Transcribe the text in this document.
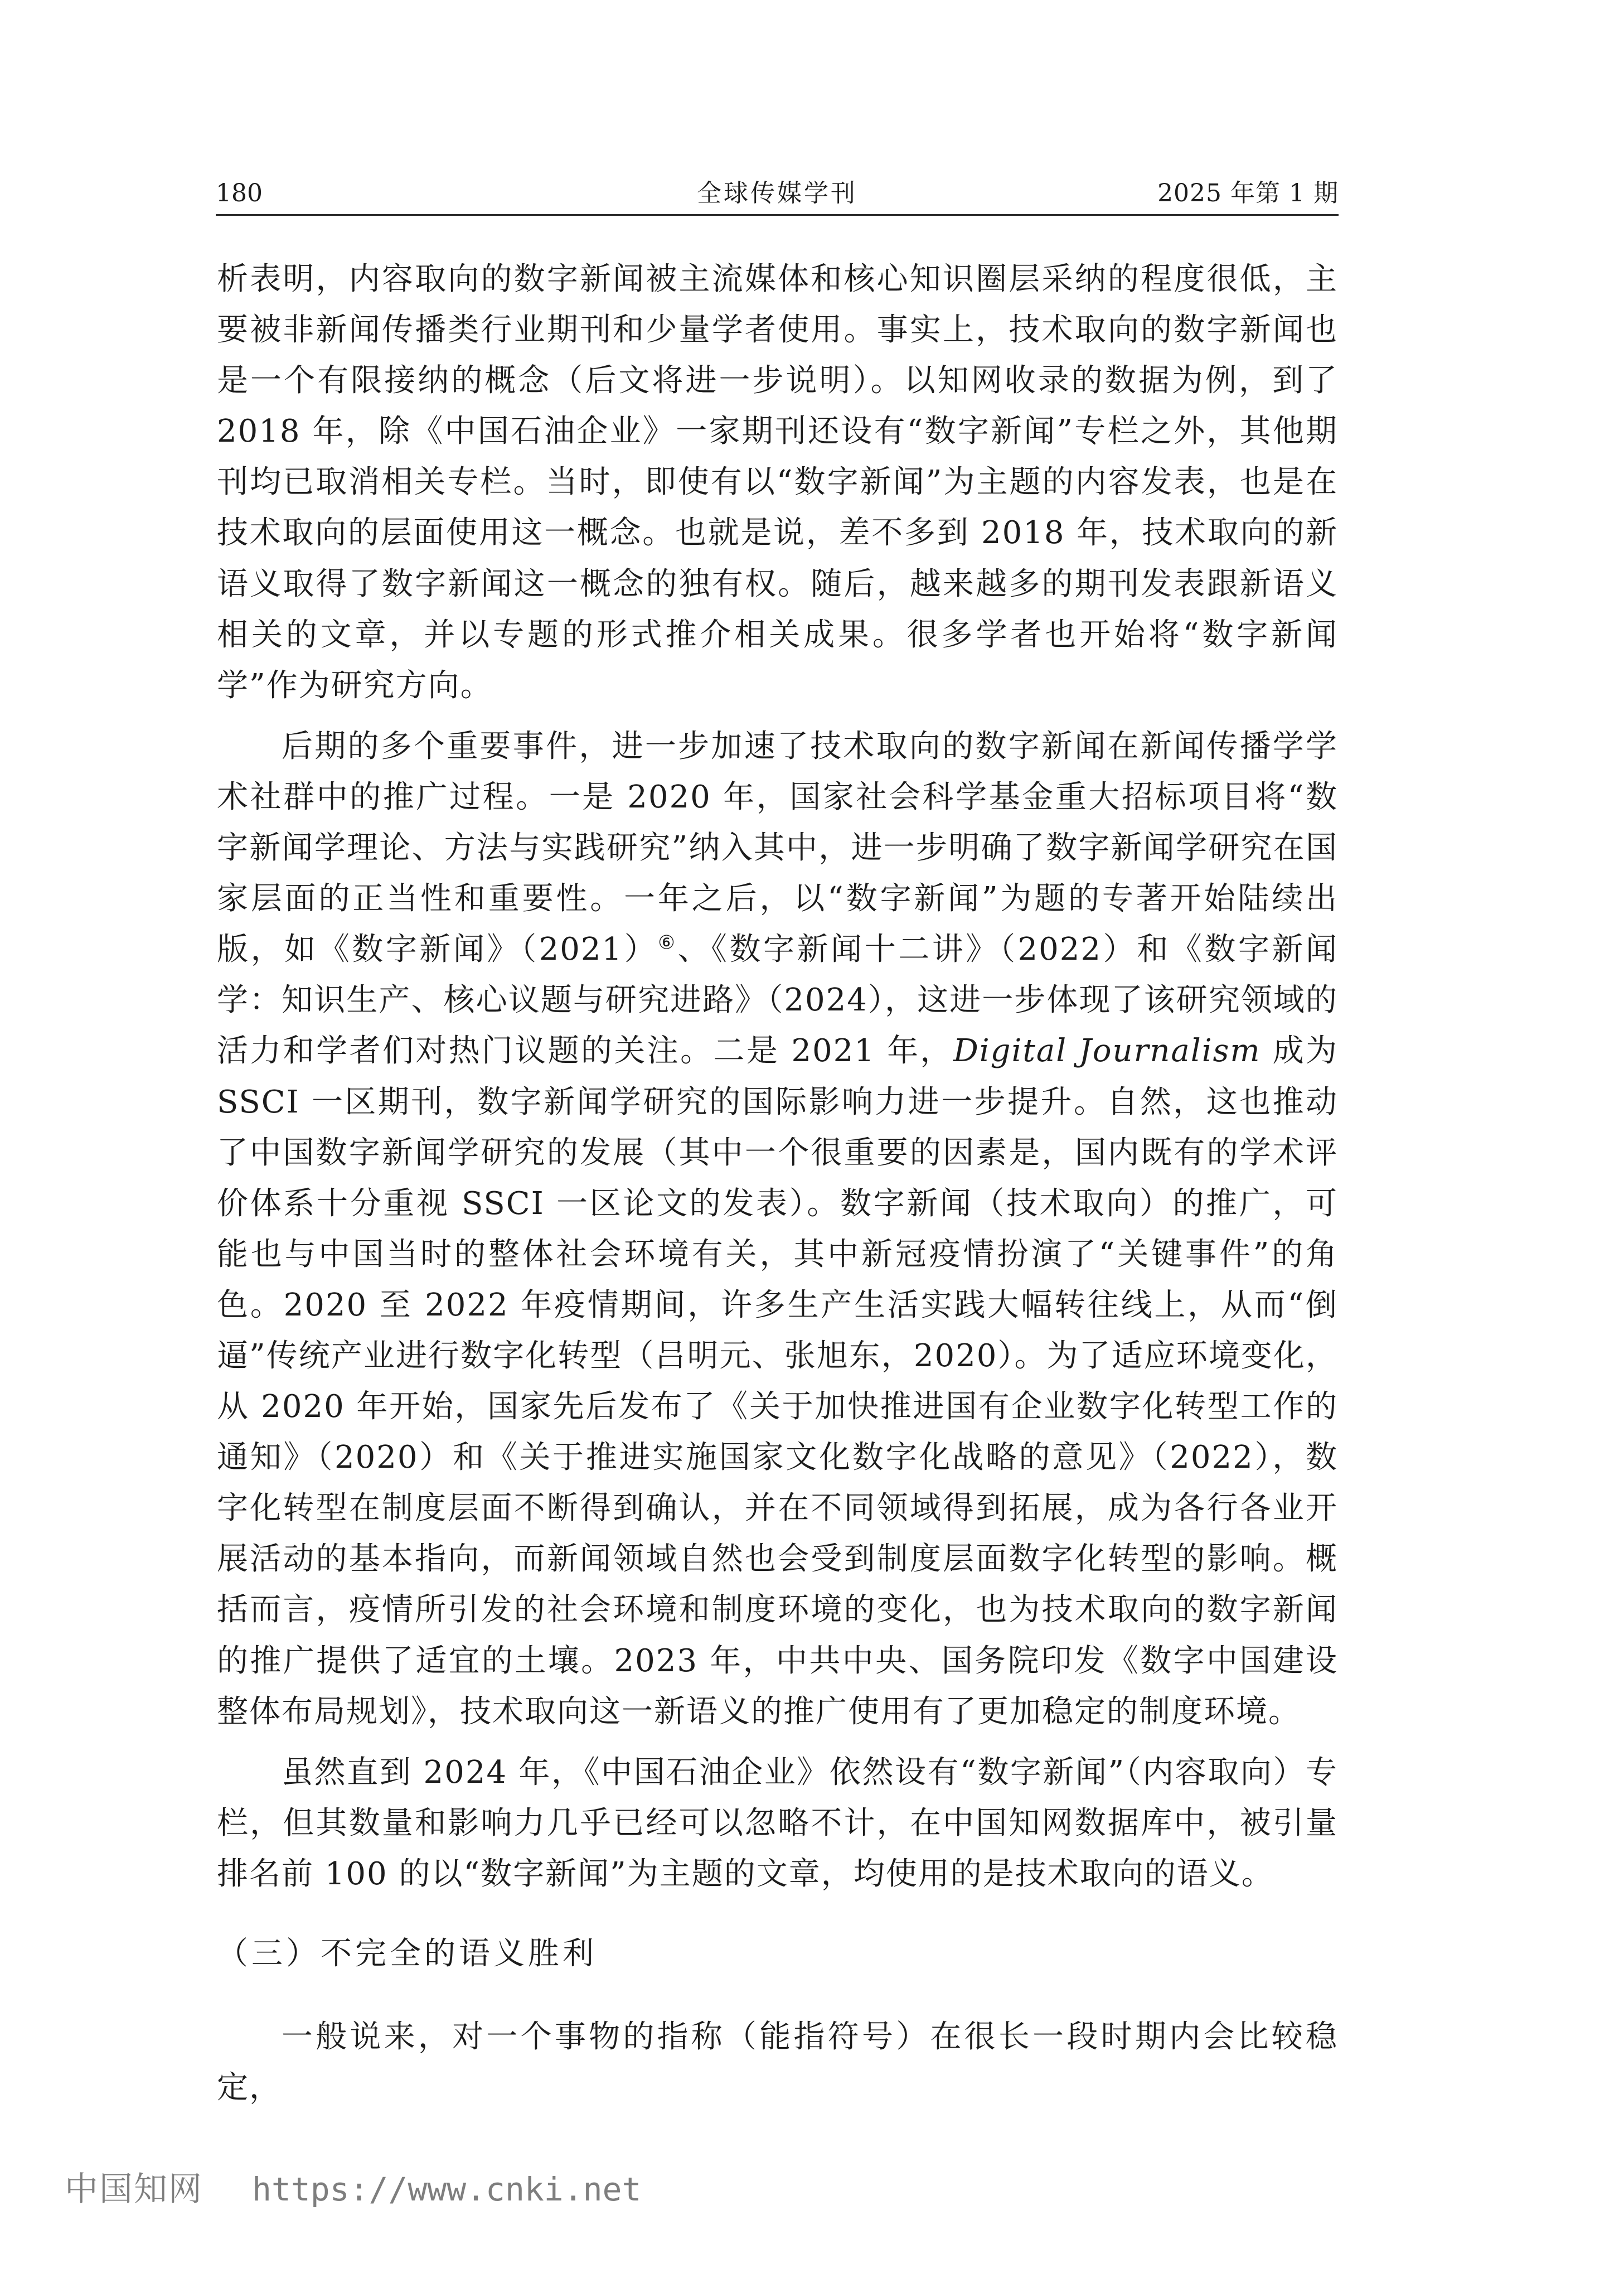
180	全球传媒学刊	2025 年第 1 期

析表明，内容取向的数字新闻被主流媒体和核心知识圈层采纳的程度很低，主要被非新闻传播类行业期刊和少量学者使用。事实上，技术取向的数字新闻也是一个有限接纳的概念（后文将进一步说明）。以知网收录的数据为例，到了 2018 年，除《中国石油企业》一家期刊还设有“数字新闻”专栏之外，其他期刊均已取消相关专栏。当时，即使有以“数字新闻”为主题的内容发表，也是在技术取向的层面使用这一概念。也就是说，差不多到 2018 年，技术取向的新语义取得了数字新闻这一概念的独有权。随后，越来越多的期刊发表跟新语义相关的文章，并以专题的形式推介相关成果。很多学者也开始将“数字新闻学”作为研究方向。

后期的多个重要事件，进一步加速了技术取向的数字新闻在新闻传播学学术社群中的推广过程。一是 2020 年，国家社会科学基金重大招标项目将“数字新闻学理论、方法与实践研究”纳入其中，进一步明确了数字新闻学研究在国家层面的正当性和重要性。一年之后，以“数字新闻”为题的专著开始陆续出版，如《数字新闻》（2021）⑥、《数字新闻十二讲》（2022）和《数字新闻学：知识生产、核心议题与研究进路》（2024），这进一步体现了该研究领域的活力和学者们对热门议题的关注。二是 2021 年，Digital Journalism 成为 SSCI 一区期刊，数字新闻学研究的国际影响力进一步提升。自然，这也推动了中国数字新闻学研究的发展（其中一个很重要的因素是，国内既有的学术评价体系十分重视 SSCI 一区论文的发表）。数字新闻（技术取向）的推广，可能也与中国当时的整体社会环境有关，其中新冠疫情扮演了“关键事件”的角色。2020 至 2022 年疫情期间，许多生产生活实践大幅转往线上，从而“倒逼”传统产业进行数字化转型（吕明元、张旭东，2020）。为了适应环境变化，从 2020 年开始，国家先后发布了《关于加快推进国有企业数字化转型工作的通知》（2020）和《关于推进实施国家文化数字化战略的意见》（2022），数字化转型在制度层面不断得到确认，并在不同领域得到拓展，成为各行各业开展活动的基本指向，而新闻领域自然也会受到制度层面数字化转型的影响。概括而言，疫情所引发的社会环境和制度环境的变化，也为技术取向的数字新闻的推广提供了适宜的土壤。2023 年，中共中央、国务院印发《数字中国建设整体布局规划》，技术取向这一新语义的推广使用有了更加稳定的制度环境。

虽然直到 2024 年，《中国石油企业》依然设有“数字新闻”（内容取向）专栏，但其数量和影响力几乎已经可以忽略不计，在中国知网数据库中，被引量排名前 100 的以“数字新闻”为主题的文章，均使用的是技术取向的语义。

（三）不完全的语义胜利

一般说来，对一个事物的指称（能指符号）在很长一段时期内会比较稳定，

中国知网 https://www.cnki.net
